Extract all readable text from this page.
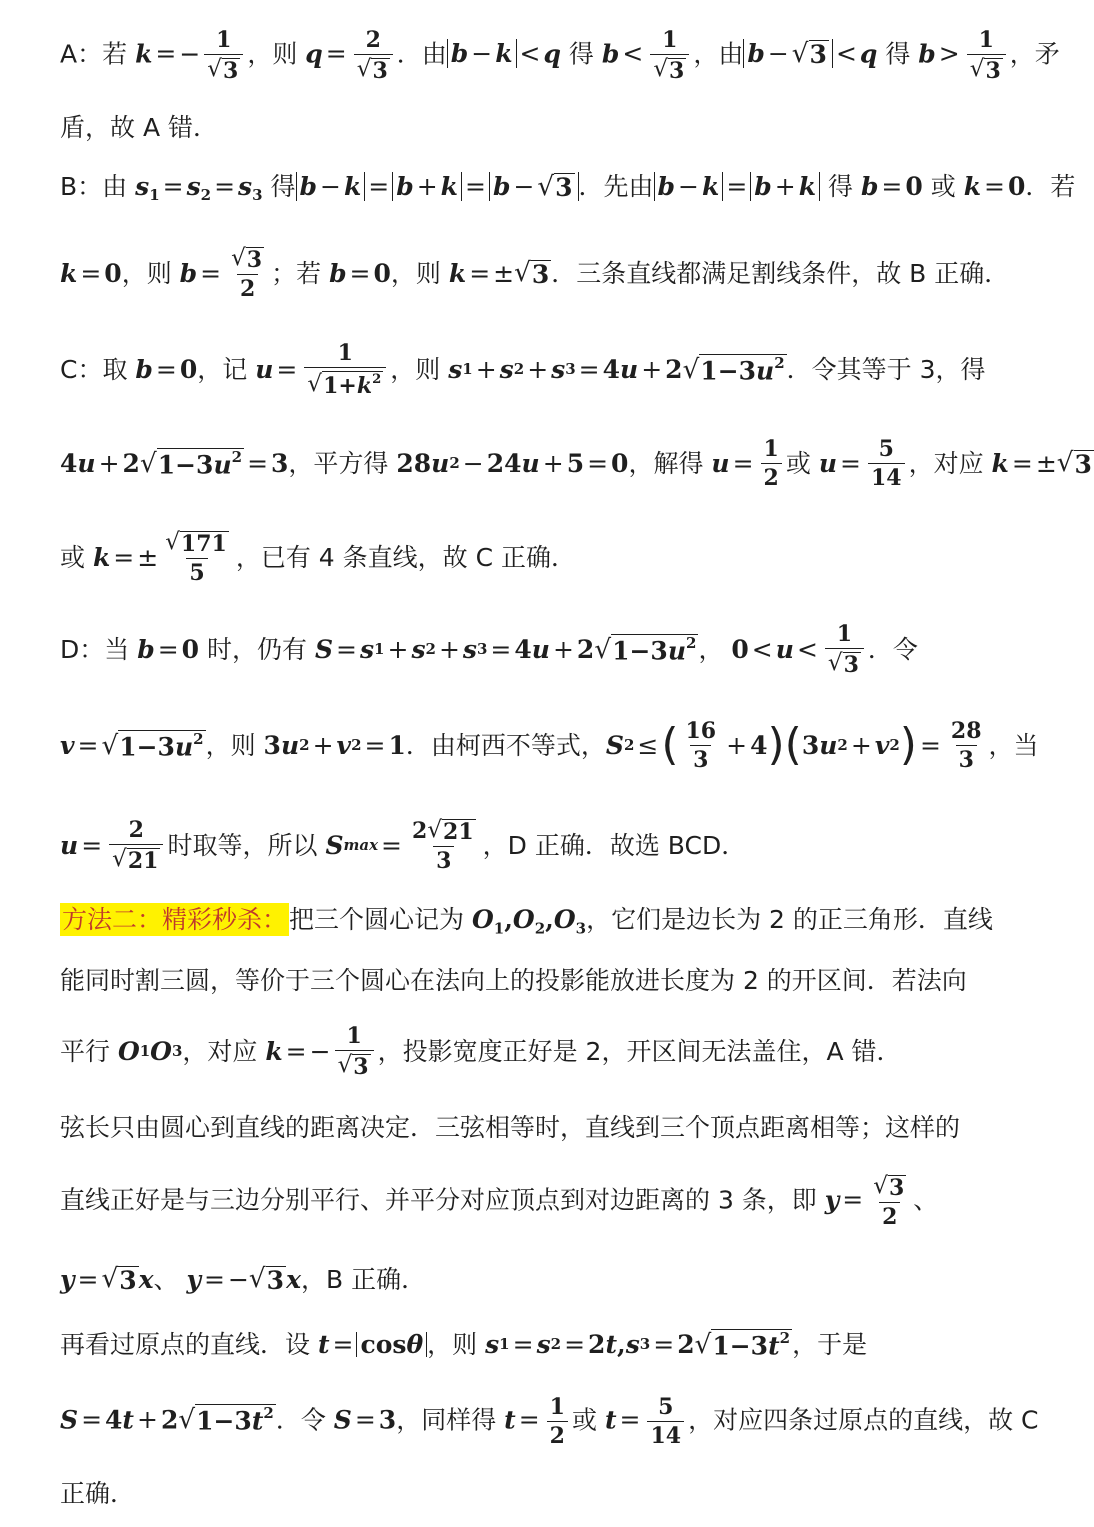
A：若 k = − $\frac{1}{√ 3}$ ，则 $q = \frac{2}{√ 3}$ ．由 b − k < q 得 $b < \frac{1}{√ 3}$ ，由 b − √ 3 < q 得 $b > \frac{1}{√ 3}$ ，矛
盾，故 A 错．
B：由 $s_1 = s_2 = s_3$ 得 b − k = b + k = b − √ 3 ．先由 b − k = b + k 得 b = 0 或 k = 0．若
k = 0 ，则 $b = \frac{√ 3}{2}$ ；若 b = 0 ，则 k = ± √ 3 ．三条直线都满足割线条件，故 B 正确．
C：取 b = 0 ，记 $u = \frac{1}{√ 1+k^2}$ ，则 s 1 + s 2 + s 3 = 4 u + 2 √ $1-3u^2$ ．令其等于 3，得
4 u + 2 √ $1-3u^2 = 3$ ，平方得 28 u 2 − 24 u + 5 = 0 ，解得 $u = \frac{1}{2}$ 或 $u = \frac{5}{14}$ ，对应 k = ± √ 3
或 k = ± $\frac{√ 171}{5}$ ，已有 4 条直线，故 C 正确．
D：当 b = 0 时，仍有 S = s 1 + s 2 + s 3 = 4 u + 2 √ $1-3u^2$ ， $0 < u < \frac{1}{√ 3}$ ．令
v = √ $1-3u^2$ ，则 3 u 2 + v 2 = 1 ．由柯西不等式， S 2 ≤ ( $\frac{16}{3} + 4$ )( 3 u 2 + v 2 ) = $\frac{28}{3}$ ，当
$u = \frac{2}{√ 21}$ 时取等，所以 S $\max = \frac{2 √ 21}{3}$ ，D 正确．故选 BCD．
方法二：精彩秒杀：把三个圆心记为 $O_1,O_2,O_3$，它们是边长为 2 的正三角形．直线
能同时割三圆，等价于三个圆心在法向上的投影能放进长度为 2 的开区间．若法向
平行 O 1 O 3 ，对应 k = − $\frac{1}{√ 3}$ ，投影宽度正好是 2，开区间无法盖住，A 错．
弦长只由圆心到直线的距离决定．三弦相等时，直线到三个顶点距离相等；这样的
直线正好是与三边分别平行、并平分对应顶点到对边距离的 3 条，即 $y = \frac{√ 3}{2}$ 、
y = √ 3 x 、 y = − √ 3 x ，B 正确．
再看过原点的直线．设 t = cosθ ，则 s 1 = s 2 = 2 t , s 3 = 2 √ $1-3t^2$ ，于是
S = 4t + 2 √ $1-3t^2$ ．令 S = 3，同样得 $t = \frac{1}{2}$ 或 $t = \frac{5}{14}$ ，对应四条过原点的直线，故 C
正确．
